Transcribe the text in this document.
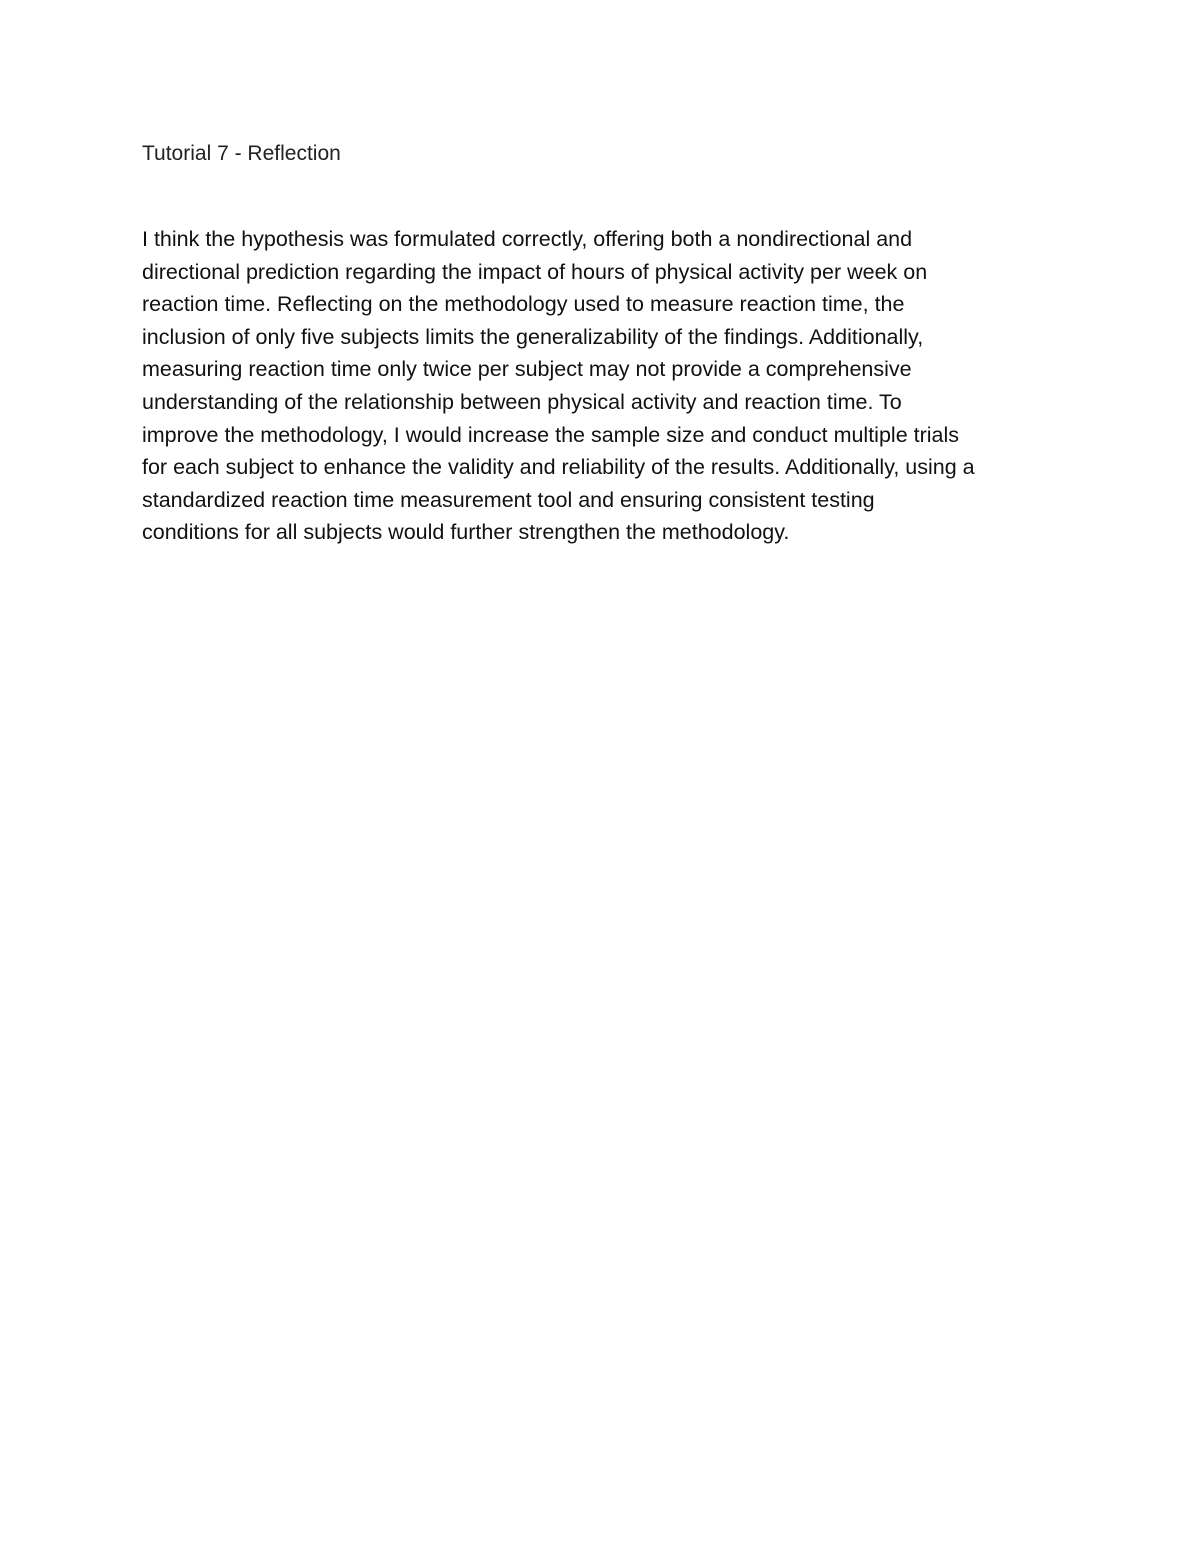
Tutorial 7 - Reflection

I think the hypothesis was formulated correctly, offering both a nondirectional and
directional prediction regarding the impact of hours of physical activity per week on
reaction time. Reflecting on the methodology used to measure reaction time, the
inclusion of only five subjects limits the generalizability of the findings. Additionally,
measuring reaction time only twice per subject may not provide a comprehensive
understanding of the relationship between physical activity and reaction time. To
improve the methodology, I would increase the sample size and conduct multiple trials
for each subject to enhance the validity and reliability of the results. Additionally, using a
standardized reaction time measurement tool and ensuring consistent testing
conditions for all subjects would further strengthen the methodology.
